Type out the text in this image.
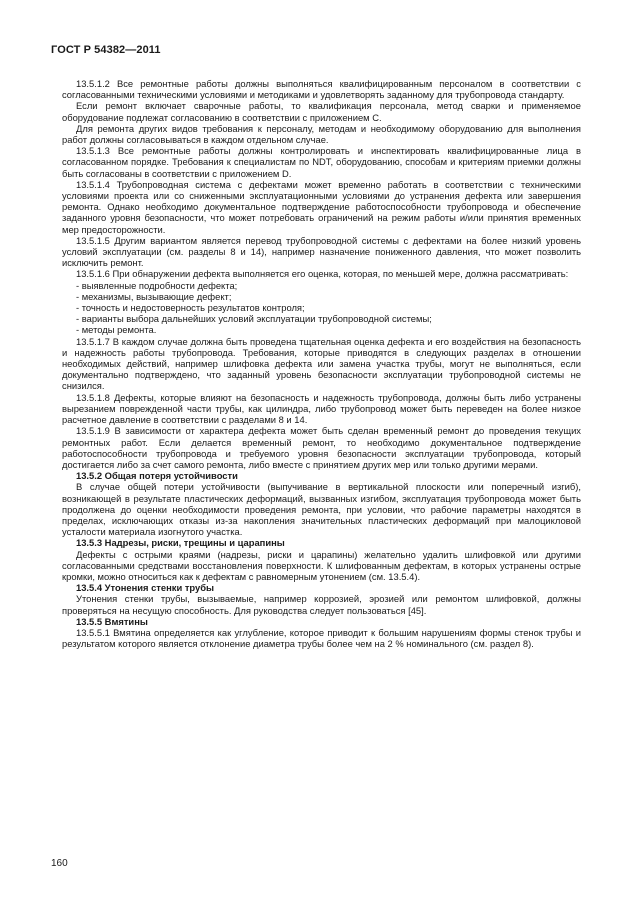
ГОСТ Р 54382—2011

13.5.1.2 Все ремонтные работы должны выполняться квалифицированным персоналом в соответствии с согласованными техническими условиями и методиками и удовлетворять заданному для трубопровода стандарту.

Если ремонт включает сварочные работы, то квалификация персонала, метод сварки и применяемое оборудование подлежат согласованию в соответствии с приложением С.

Для ремонта других видов требования к персоналу, методам и необходимому оборудованию для выполнения работ должны согласовываться в каждом отдельном случае.

13.5.1.3 Все ремонтные работы должны контролировать и инспектировать квалифицированные лица в согласованном порядке. Требования к специалистам по NDT, оборудованию, способам и критериям приемки должны быть согласованы в соответствии с приложением D.

13.5.1.4 Трубопроводная система с дефектами может временно работать в соответствии с техническими условиями проекта или со сниженными эксплуатационными условиями до устранения дефекта или завершения ремонта. Однако необходимо документальное подтверждение работоспособности трубопровода и обеспечение заданного уровня безопасности, что может потребовать ограничений на режим работы и/или принятия временных мер предосторожности.

13.5.1.5 Другим вариантом является перевод трубопроводной системы с дефектами на более низкий уровень условий эксплуатации (см. разделы 8 и 14), например назначение пониженного давления, что может позволить исключить ремонт.

13.5.1.6 При обнаружении дефекта выполняется его оценка, которая, по меньшей мере, должна рассматривать:

- выявленные подробности дефекта;

- механизмы, вызывающие дефект;

- точность и недостоверность результатов контроля;

- варианты выбора дальнейших условий эксплуатации трубопроводной системы;

- методы ремонта.

13.5.1.7 В каждом случае должна быть проведена тщательная оценка дефекта и его воздействия на безопасность и надежность работы трубопровода. Требования, которые приводятся в следующих разделах в отношении необходимых действий, например шлифовка дефекта или замена участка трубы, могут не выполняться, если документально подтверждено, что заданный уровень безопасности эксплуатации трубопроводной системы не снизился.

13.5.1.8 Дефекты, которые влияют на безопасность и надежность трубопровода, должны быть либо устранены вырезанием поврежденной части трубы, как цилиндра, либо трубопровод может быть переведен на более низкое расчетное давление в соответствии с разделами 8 и 14.

13.5.1.9 В зависимости от характера дефекта может быть сделан временный ремонт до проведения текущих ремонтных работ. Если делается временный ремонт, то необходимо документальное подтверждение работоспособности трубопровода и требуемого уровня безопасности эксплуатации трубопровода, который достигается либо за счет самого ремонта, либо вместе с принятием других мер или только другими мерами.

13.5.2 Общая потеря устойчивости

В случае общей потери устойчивости (выпучивание в вертикальной плоскости или поперечный изгиб), возникающей в результате пластических деформаций, вызванных изгибом, эксплуатация трубопровода может быть продолжена до оценки необходимости проведения ремонта, при условии, что рабочие параметры находятся в пределах, исключающих отказы из-за накопления значительных пластических деформаций при малоцикловой усталости материала изогнутого участка.

13.5.3 Надрезы, риски, трещины и царапины

Дефекты с острыми краями (надрезы, риски и царапины) желательно удалить шлифовкой или другими согласованными средствами восстановления поверхности. К шлифованным дефектам, в которых устранены острые кромки, можно относиться как к дефектам с равномерным утонением (см. 13.5.4).

13.5.4 Утонения стенки трубы

Утонения стенки трубы, вызываемые, например коррозией, эрозией или ремонтом шлифовкой, должны проверяться на несущую способность. Для руководства следует пользоваться [45].

13.5.5 Вмятины

13.5.5.1 Вмятина определяется как углубление, которое приводит к большим нарушениям формы стенок трубы и результатом которого является отклонение диаметра трубы более чем на 2 % номинального (см. раздел 8).

160
